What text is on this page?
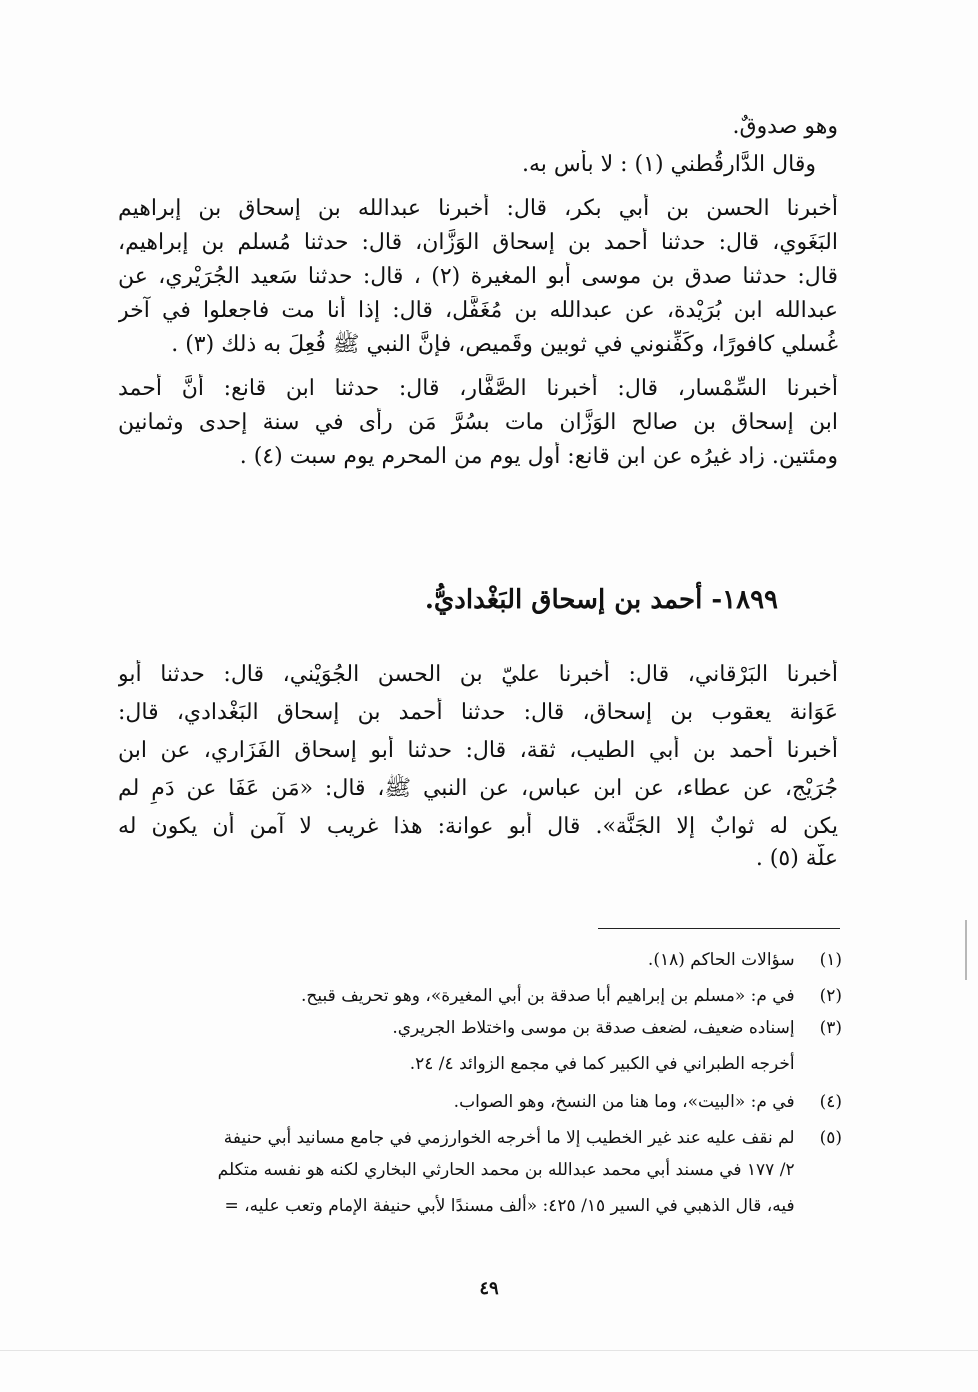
وهو صدوقٌ.
وقال الدَّارقُطني (١) : لا بأس به.
أخبرنا الحسن بن أبي بكر، قال: أخبرنا عبدالله بن إسحاق بن إبراهيم
البَغَوي، قال: حدثنا أحمد بن إسحاق الوَزَّان، قال: حدثنا مُسلم بن إبراهيم،
قال: حدثنا صدق بن موسى أبو المغيرة (٢) ، قال: حدثنا سَعيد الجُرَيْري، عن
عبدالله ابن بُرَيْدة، عن عبدالله بن مُغَفَّل، قال: إذا أنا مت فاجعلوا في آخر
غُسلي كافورًا، وكَفِّنوني في ثوبين وقَميص، فإنَّ النبي ﷺ فُعِلَ به ذلك (٣) .
أخبرنا السِّمْسار، قال: أخبرنا الصَّفَّار، قال: حدثنا ابن قانع: أنَّ أحمد
ابن إسحاق بن صالح الوَزَّان مات بسُرَّ مَن رأى في سنة إحدى وثمانين
ومئتين. زاد غيرُه عن ابن قانع: أول يوم من المحرم يوم سبت (٤) .
١٨٩٩- أحمد بن إسحاق البَغْداديُّ.
أخبرنا البَرْقاني، قال: أخبرنا عليّ بن الحسن الجُوَيْني، قال: حدثنا أبو
عَوَانة يعقوب بن إسحاق، قال: حدثنا أحمد بن إسحاق البَغْدادي، قال:
أخبرنا أحمد بن أبي الطيب، ثقة، قال: حدثنا أبو إسحاق الفَزَاري، عن ابن
جُرَيْج، عن عطاء، عن ابن عباس، عن النبي ﷺ، قال: «مَن عَفَا عن دَمٍ لم
يكن له ثوابٌ إلا الجَنَّة». قال أبو عوانة: هذا غريب لا آمن أن يكون له
علّة (٥) .
(١) سؤالات الحاكم (١٨).
(٢) في م: «مسلم بن إبراهيم أبا صدقة بن أبي المغيرة»، وهو تحريف قبيح.
(٣) إسناده ضعيف، لضعف صدقة بن موسى واختلاط الجريري.
أخرجه الطبراني في الكبير كما في مجمع الزوائد ٤/ ٢٤.
(٤) في م: «البيت»، وما هنا من النسخ، وهو الصواب.
(٥) لم نقف عليه عند غير الخطيب إلا ما أخرجه الخوارزمي في جامع مسانيد أبي حنيفة
٢/ ١٧٧ في مسند أبي محمد عبدالله بن محمد الحارثي البخاري لكنه هو نفسه متكلم
فيه، قال الذهبي في السير ١٥/ ٤٢٥: «ألف مسندًا لأبي حنيفة الإمام وتعب عليه، =
٤٩
